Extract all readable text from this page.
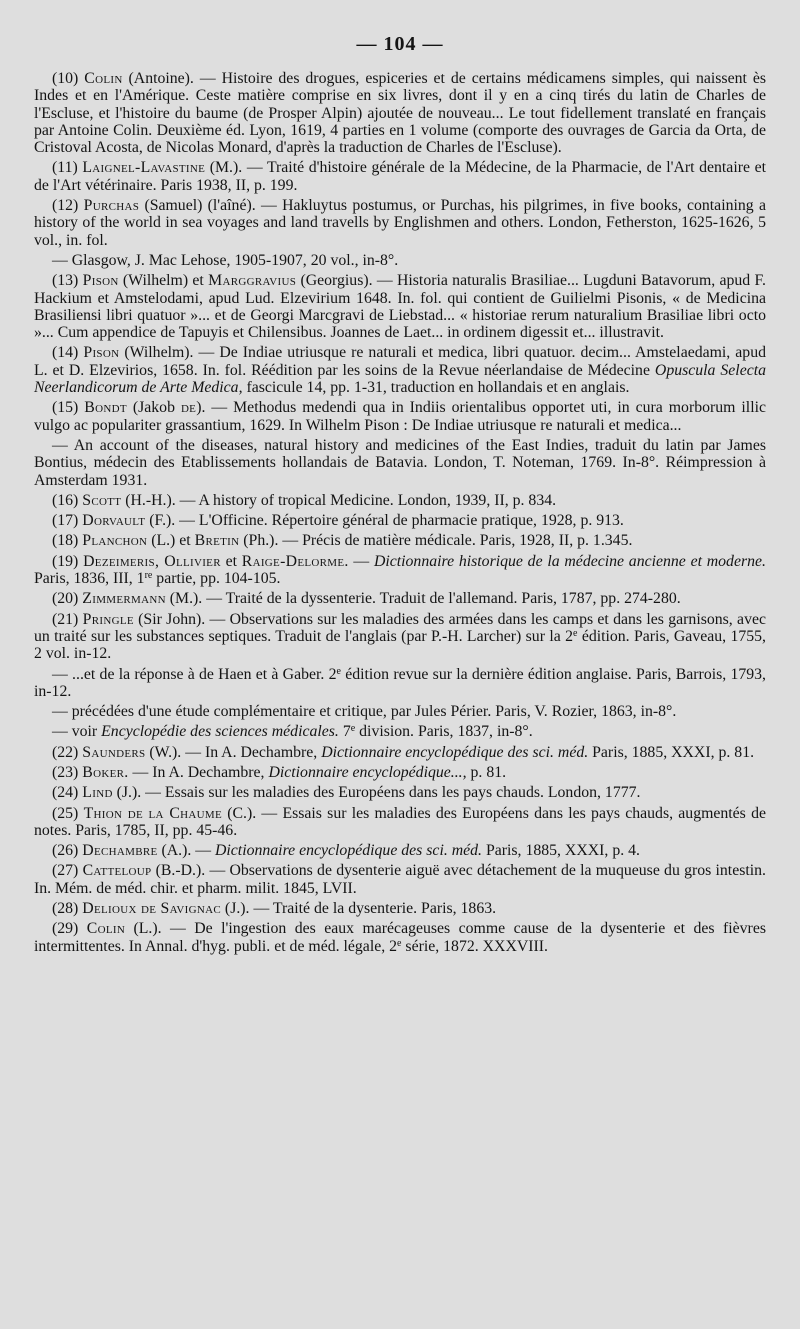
— 104 —

(10) Colin (Antoine). — Histoire des drogues, espiceries et de certains médicamens simples, qui naissent ès Indes et en l'Amérique. Ceste matière comprise en six livres, dont il y en a cinq tirés du latin de Charles de l'Escluse, et l'histoire du baume (de Prosper Alpin) ajoutée de nouveau... Le tout fidellement translaté en français par Antoine Colin. Deuxième éd. Lyon, 1619, 4 parties en 1 volume (comporte des ouvrages de Garcia da Orta, de Cristoval Acosta, de Nicolas Monard, d'après la traduction de Charles de l'Escluse).

(11) Laignel-Lavastine (M.). — Traité d'histoire générale de la Médecine, de la Pharmacie, de l'Art dentaire et de l'Art vétérinaire. Paris 1938, II, p. 199.

(12) Purchas (Samuel) (l'aîné). — Hakluytus postumus, or Purchas, his pilgrimes, in five books, containing a history of the world in sea voyages and land travells by Englishmen and others. London, Fetherston, 1625-1626, 5 vol., in. fol.

— Glasgow, J. Mac Lehose, 1905-1907, 20 vol., in-8°.

(13) Pison (Wilhelm) et Marggravius (Georgius). — Historia naturalis Brasiliae... Lugduni Batavorum, apud F. Hackium et Amstelodami, apud Lud. Elzevirium 1648. In. fol. qui contient de Guilielmi Pisonis, « de Medicina Brasiliensi libri quatuor »... et de Georgi Marcgravi de Liebstad... « historiae rerum naturalium Brasiliae libri octo »... Cum appendice de Tapuyis et Chilensibus. Joannes de Laet... in ordinem digessit et... illustravit.

(14) Pison (Wilhelm). — De Indiae utriusque re naturali et medica, libri quatuor. decim... Amstelaedami, apud L. et D. Elzevirios, 1658. In. fol. Réédition par les soins de la Revue néerlandaise de Médecine Opuscula Selecta Neerlandicorum de Arte Medica, fascicule 14, pp. 1-31, traduction en hollandais et en anglais.

(15) Bondt (Jakob de). — Methodus medendi qua in Indiis orientalibus opportet uti, in cura morborum illic vulgo ac populariter grassantium, 1629. In Wilhelm Pison : De Indiae utriusque re naturali et medica...

— An account of the diseases, natural history and medicines of the East Indies, traduit du latin par James Bontius, médecin des Etablissements hollandais de Batavia. London, T. Noteman, 1769. In-8°. Réimpression à Amsterdam 1931.

(16) Scott (H.-H.). — A history of tropical Medicine. London, 1939, II, p. 834.

(17) Dorvault (F.). — L'Officine. Répertoire général de pharmacie pratique, 1928, p. 913.

(18) Planchon (L.) et Bretin (Ph.). — Précis de matière médicale. Paris, 1928, II, p. 1.345.

(19) Dezeimeris, Ollivier et Raige-Delorme. — Dictionnaire historique de la médecine ancienne et moderne. Paris, 1836, III, 1re partie, pp. 104-105.

(20) Zimmermann (M.). — Traité de la dyssenterie. Traduit de l'allemand. Paris, 1787, pp. 274-280.

(21) Pringle (Sir John). — Observations sur les maladies des armées dans les camps et dans les garnisons, avec un traité sur les substances septiques. Traduit de l'anglais (par P.-H. Larcher) sur la 2e édition. Paris, Gaveau, 1755, 2 vol. in-12.

— ...et de la réponse à de Haen et à Gaber. 2e édition revue sur la dernière édition anglaise. Paris, Barrois, 1793, in-12.

— précédées d'une étude complémentaire et critique, par Jules Périer. Paris, V. Rozier, 1863, in-8°.

— voir Encyclopédie des sciences médicales. 7e division. Paris, 1837, in-8°.

(22) Saunders (W.). — In A. Dechambre, Dictionnaire encyclopédique des sci. méd. Paris, 1885, XXXI, p. 81.

(23) Boker. — In A. Dechambre, Dictionnaire encyclopédique..., p. 81.

(24) Lind (J.). — Essais sur les maladies des Européens dans les pays chauds. London, 1777.

(25) Thion de la Chaume (C.). — Essais sur les maladies des Européens dans les pays chauds, augmentés de notes. Paris, 1785, II, pp. 45-46.

(26) Dechambre (A.). — Dictionnaire encyclopédique des sci. méd. Paris, 1885, XXXI, p. 4.

(27) Catteloup (B.-D.). — Observations de dysenterie aiguë avec détachement de la muqueuse du gros intestin. In. Mém. de méd. chir. et pharm. milit. 1845, LVII.

(28) Delioux de Savignac (J.). — Traité de la dysenterie. Paris, 1863.

(29) Colin (L.). — De l'ingestion des eaux marécageuses comme cause de la dysenterie et des fièvres intermittentes. In Annal. d'hyg. publi. et de méd. légale, 2e série, 1872. XXXVIII.
